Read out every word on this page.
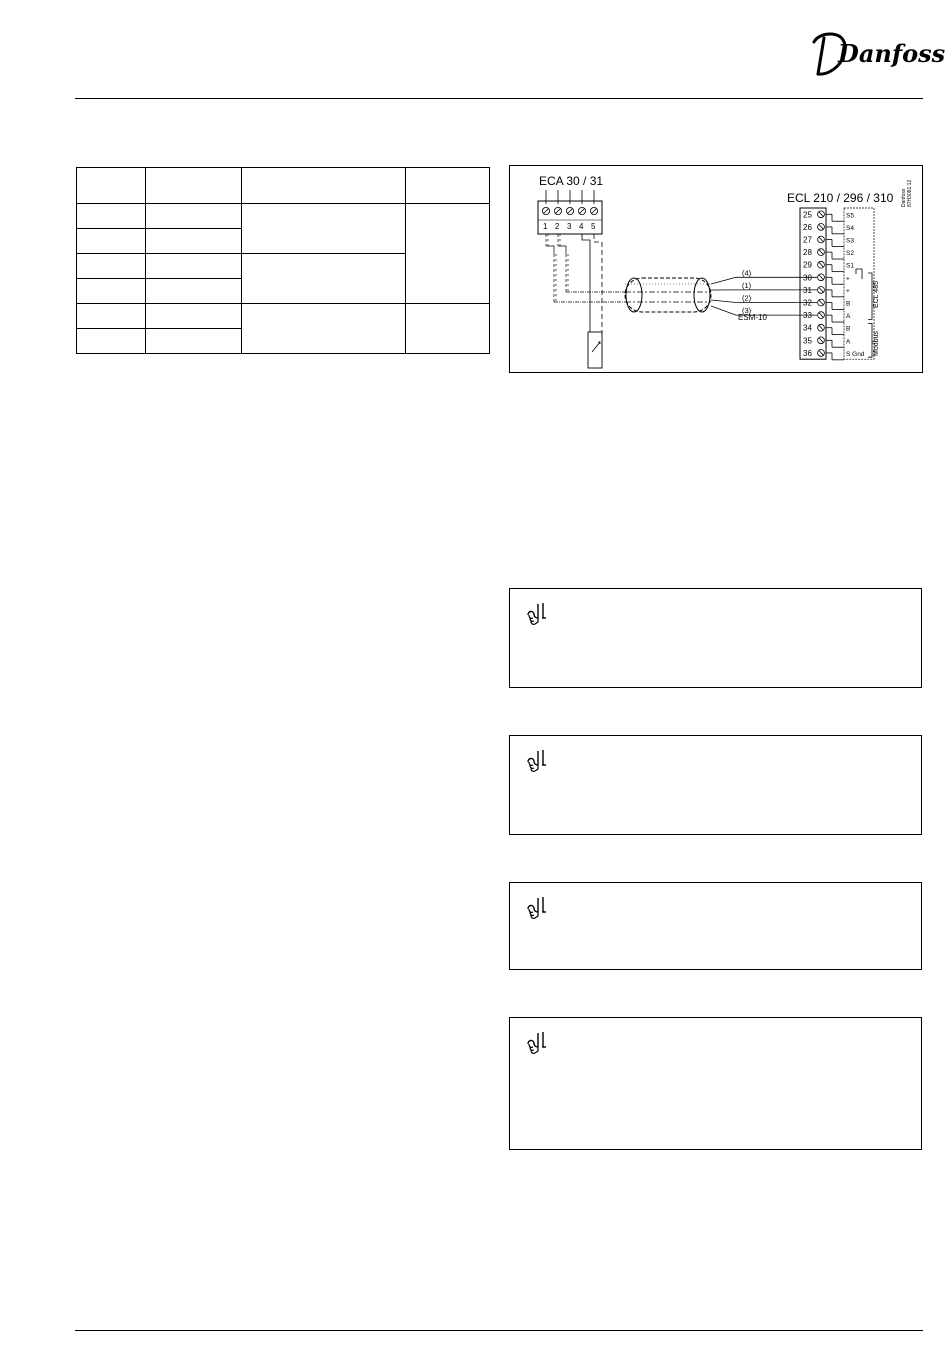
Danfoss

ECA 30 / 31
ECL 210 / 296 / 310
ESM-10
Danfoss 87H3081.12
ECL 485
Modbus
1 2 3 4 5
25	S5
26	S4
27	S3
28	S2
29	S1
30	+
31	+
32	B
33	A
34	B
35	A
36	S Gnd
(4)
(1)
(2)
(3)
